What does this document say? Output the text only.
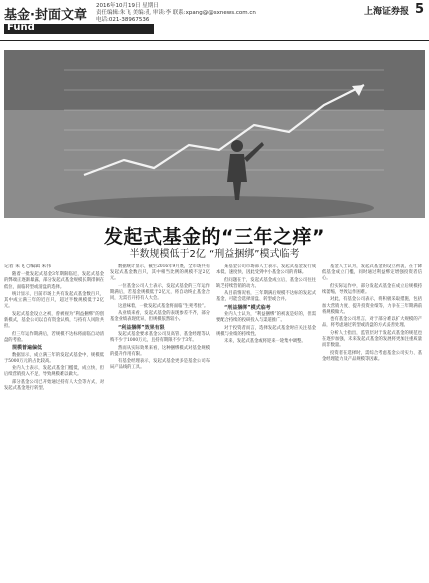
基金·封面文章
Fund
2016年10月19日 星期日
责任编辑:朱飞 美编:孔 审读:李 联系:xpang@@sxnews.com.cn
电话:021-38967536
上海证券报 5
发起式基金的“三年之痒”
半数规模低于2亿 “刑益捆绑”模式临考
记者 朱飞 ○编辑 朱伟

随着一批发起式基金3年期限临近，发起式基金的弊端正逐渐暴露，部分发起式基金规模长期徘徊在低位，面临转型或清盘的选择。

统计显示，目前市场上共有发起式基金数百只，其中成立满三年的近百只，超过半数规模低于2亿元。

发起式基金设立之初，曾被视为“利益捆绑”的创新模式，基金公司以自有资金认购，与持有人风险共担。

但三年运作期满后，若规模不达标将面临自动清盘的考验。

规模普遍偏低

数据显示，成立满三年的发起式基金中，规模低于5000万元的占比较高。

业内人士表示，发起式基金门槛低，成立快，但后续营销投入不足，导致规模难以做大。

部分基金公司已开始通过持有人大会等方式，对发起式基金进行转型。

数据统计显示，截至2016年9月底，全市场共有发起式基金数百只，其中相当比例的规模不足2亿元。

一位基金公司人士表示，发起式基金的三年运作期满后，若基金规模低于2亿元，将自动终止基金合同，无需召开持有人大会。

这意味着，一批发起式基金将面临“生死考验”。

从业绩来看，发起式基金的表现参差不齐，部分基金业绩表现优异，但规模依然较小。

“利益捆绑”效果有限

发起式基金要求基金公司及高管、基金经理等认购不少于1000万元，且持有期限不少于3年。

然而从实际效果来看，这种捆绑模式对基金规模的提升作用有限。

有基金经理表示，发起式基金更多是基金公司布局产品线的工具。

某基金公司市场部人士表示，发起式基金发行成本低、速度快，因此受到中小基金公司的青睐。

但问题在于，发起式基金成立后，基金公司往往缺乏持续营销的动力。

从目前情况看，三年期满后规模不达标的发起式基金，可能会选择清盘、转型或合并。

“刑益捆绑”模式临考

业内人士认为，“利益捆绑”的初衷是好的，但需要配合持续的投研投入与渠道推广。

对于投资者而言，选择发起式基金时应关注基金规模与业绩的持续性。

未来，发起式基金或将迎来一轮集中调整。

基金人士认为，发起式基金的设立初衷，在于降低基金成立门槛，同时通过利益绑定增强投资者信心。

但实际运作中，部分发起式基金在成立后规模持续萎缩，导致运作困难。

对此，有基金公司表示，将积极采取措施，包括加大营销力度、提升投资业绩等，力争在三年期满前将规模做大。

也有基金公司坦言，对于部分难以扩大规模的产品，将考虑通过转型或清盘的方式妥善处理。

分析人士指出，监管层对于发起式基金的规范也在逐步加强，未来发起式基金的发展将更加注重质量而非数量。

投资者在选择时，需综合考虑基金公司实力、基金经理能力及产品规模等因素。
